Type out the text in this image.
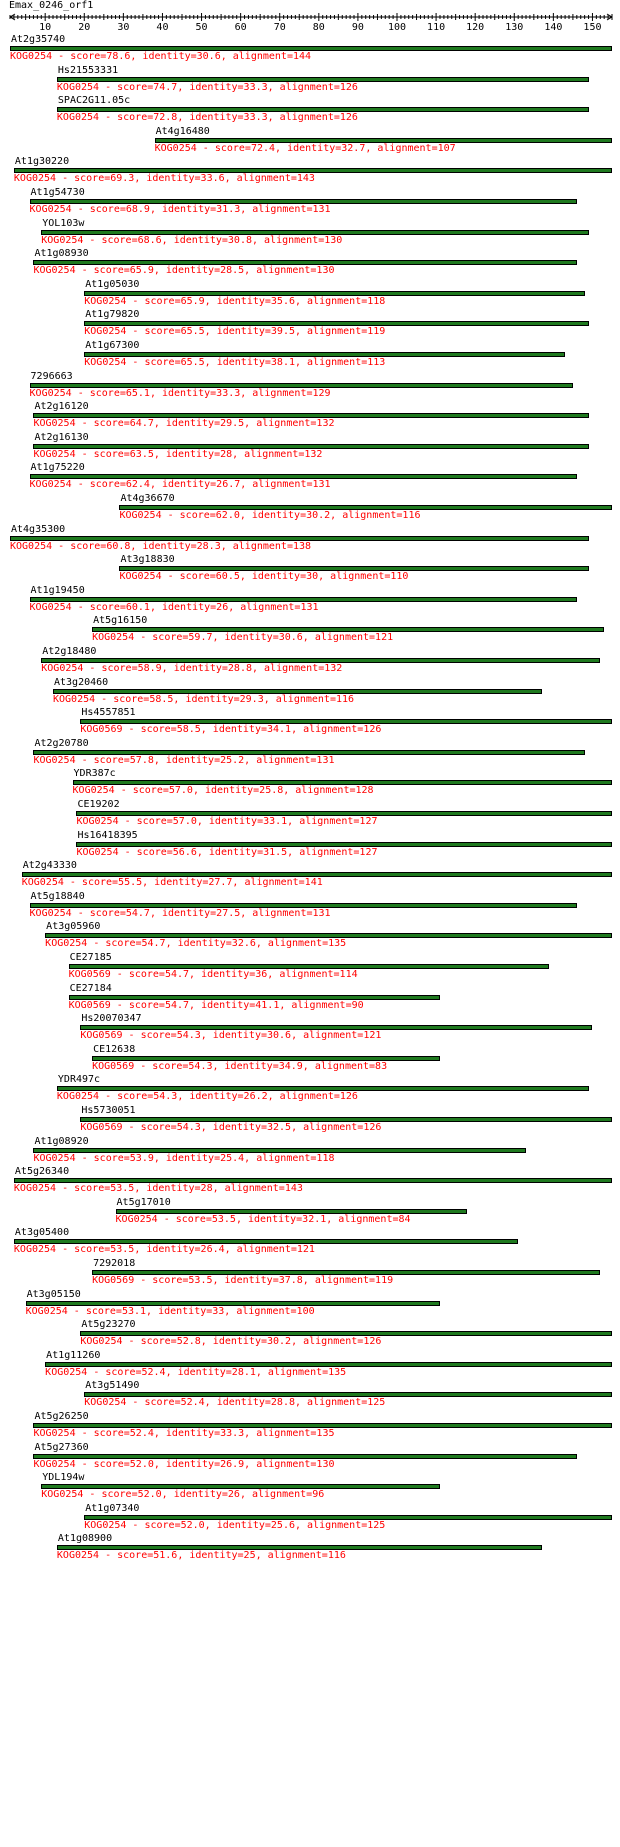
Emax_0246_orf1
10	20	30	40	50	60	70	80	90 100 110 120 130 140 150
At2g35740
KOG0254 - score=78.6, identity=30.6, alignment=144
Hs21553331
KOG0254 - score=74.7, identity=33.3, alignment=126
SPAC2G11.05c
KOG0254 - score=72.8, identity=33.3, alignment=126
At4g16480
KOG0254 - score=72.4, identity=32.7, alignment=107
At1g30220
KOG0254 - score=69.3, identity=33.6, alignment=143
At1g54730
KOG0254 - score=68.9, identity=31.3, alignment=131
YOL103w
KOG0254 - score=68.6, identity=30.8, alignment=130
At1g08930
KOG0254 - score=65.9, identity=28.5, alignment=130
At1g05030
KOG0254 - score=65.9, identity=35.6, alignment=118
At1g79820
KOG0254 - score=65.5, identity=39.5, alignment=119
At1g67300
KOG0254 - score=65.5, identity=38.1, alignment=113
7296663
KOG0254 - score=65.1, identity=33.3, alignment=129
At2g16120
KOG0254 - score=64.7, identity=29.5, alignment=132
At2g16130
KOG0254 - score=63.5, identity=28, alignment=132
At1g75220
KOG0254 - score=62.4, identity=26.7, alignment=131
At4g36670
KOG0254 - score=62.0, identity=30.2, alignment=116
At4g35300
KOG0254 - score=60.8, identity=28.3, alignment=138
At3g18830
KOG0254 - score=60.5, identity=30, alignment=110
At1g19450
KOG0254 - score=60.1, identity=26, alignment=131
At5g16150
KOG0254 - score=59.7, identity=30.6, alignment=121
At2g18480
KOG0254 - score=58.9, identity=28.8, alignment=132
At3g20460
KOG0254 - score=58.5, identity=29.3, alignment=116
Hs4557851
KOG0569 - score=58.5, identity=34.1, alignment=126
At2g20780
KOG0254 - score=57.8, identity=25.2, alignment=131
YDR387c
KOG0254 - score=57.0, identity=25.8, alignment=128
CE19202
KOG0254 - score=57.0, identity=33.1, alignment=127
Hs16418395
KOG0254 - score=56.6, identity=31.5, alignment=127
At2g43330
KOG0254 - score=55.5, identity=27.7, alignment=141
At5g18840
KOG0254 - score=54.7, identity=27.5, alignment=131
At3g05960
KOG0254 - score=54.7, identity=32.6, alignment=135
CE27185
KOG0569 - score=54.7, identity=36, alignment=114
CE27184
KOG0569 - score=54.7, identity=41.1, alignment=90
Hs20070347
KOG0569 - score=54.3, identity=30.6, alignment=121
CE12638
KOG0569 - score=54.3, identity=34.9, alignment=83
YDR497c
KOG0254 - score=54.3, identity=26.2, alignment=126
Hs5730051
KOG0569 - score=54.3, identity=32.5, alignment=126
At1g08920
KOG0254 - score=53.9, identity=25.4, alignment=118
At5g26340
KOG0254 - score=53.5, identity=28, alignment=143
At5g17010
KOG0254 - score=53.5, identity=32.1, alignment=84
At3g05400
KOG0254 - score=53.5, identity=26.4, alignment=121
7292018
KOG0569 - score=53.5, identity=37.8, alignment=119
At3g05150
KOG0254 - score=53.1, identity=33, alignment=100
At5g23270
KOG0254 - score=52.8, identity=30.2, alignment=126
At1g11260
KOG0254 - score=52.4, identity=28.1, alignment=135
At3g51490
KOG0254 - score=52.4, identity=28.8, alignment=125
At5g26250
KOG0254 - score=52.4, identity=33.3, alignment=135
At5g27360
KOG0254 - score=52.0, identity=26.9, alignment=130
YDL194w
KOG0254 - score=52.0, identity=26, alignment=96
At1g07340
KOG0254 - score=52.0, identity=25.6, alignment=125
At1g08900
KOG0254 - score=51.6, identity=25, alignment=116
